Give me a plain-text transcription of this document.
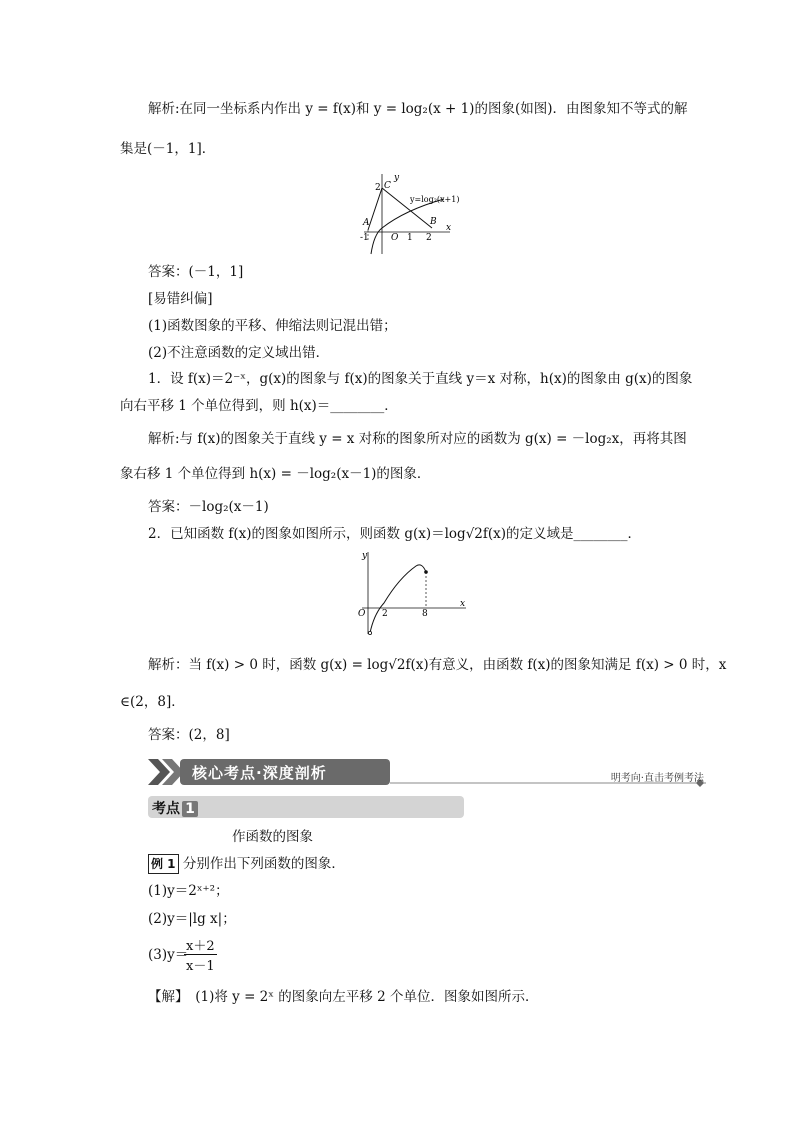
解析:在同一坐标系内作出 y = f(x)和 y = log₂(x + 1)的图象(如图)．由图象知不等式的解
集是(－1，1]．
y
x
2 C
A	B
-1 O 1 2
y=log₂(x+1)
答案：(－1，1]
[易错纠偏]
(1)函数图象的平移、伸缩法则记混出错；
(2)不注意函数的定义域出错．
1．设 f(x)＝2⁻ˣ，g(x)的图象与 f(x)的图象关于直线 y＝x 对称，h(x)的图象由 g(x)的图象
向右平移 1 个单位得到，则 h(x)＝________．
解析:与 f(x)的图象关于直线 y = x 对称的图象所对应的函数为 g(x) = －log₂x，再将其图
象右移 1 个单位得到 h(x) = －log₂(x－1)的图象．
答案：－log₂(x－1)
2．已知函数 f(x)的图象如图所示，则函数 g(x)＝log√2f(x)的定义域是________．
y
x
O 2	8
解析：当 f(x) > 0 时，函数 g(x) = log√2f(x)有意义，由函数 f(x)的图象知满足 f(x) > 0 时，x
∈(2，8]．
答案：(2，8]
核心考点·深度剖析	明考向·直击考例考法
考点 1
作函数的图象
例 1 分别作出下列函数的图象．
(1)y＝2ˣ⁺²；
(2)y＝|lg x|；
(3)y＝
$\frac{x+2}{x-1}$
【解】　(1)将 y = 2ˣ 的图象向左平移 2 个单位．图象如图所示．
